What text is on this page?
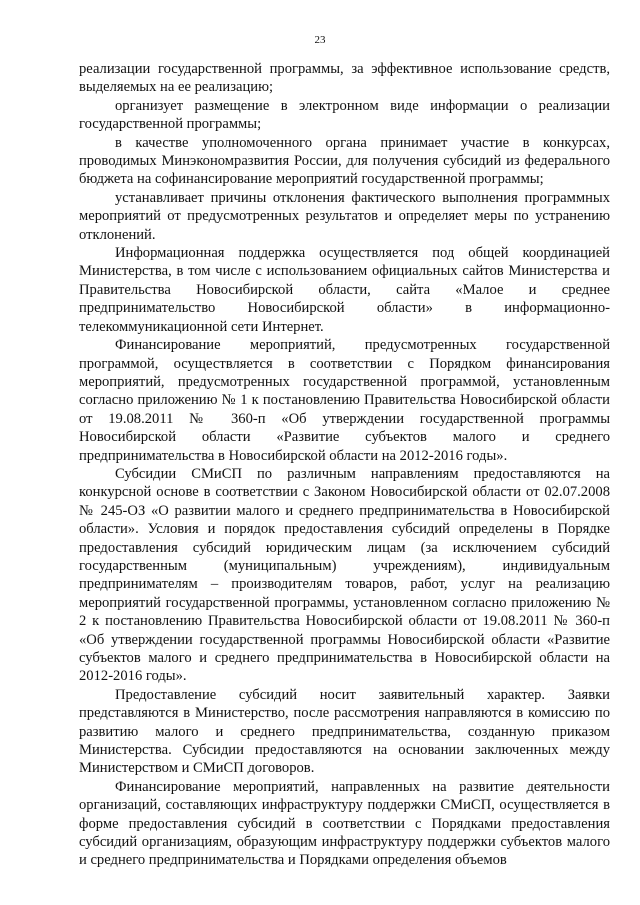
23

реализации государственной программы, за эффективное использование средств, выделяемых на ее реализацию;

организует размещение в электронном виде информации о реализации государственной программы;

в качестве уполномоченного органа принимает участие в конкурсах, проводимых Минэкономразвития России, для получения субсидий из федерального бюджета на софинансирование мероприятий государственной программы;

устанавливает причины отклонения фактического выполнения программных мероприятий от предусмотренных результатов и определяет меры по устранению отклонений.

Информационная поддержка осуществляется под общей координацией Министерства, в том числе с использованием официальных сайтов Министерства и Правительства Новосибирской области, сайта «Малое и среднее предпринимательство Новосибирской области» в информационно-телекоммуникационной сети Интернет.

Финансирование мероприятий, предусмотренных государственной программой, осуществляется в соответствии с Порядком финансирования мероприятий, предусмотренных государственной программой, установленным согласно приложению № 1 к постановлению Правительства Новосибирской области от 19.08.2011 № 360-п «Об утверждении государственной программы Новосибирской области «Развитие субъектов малого и среднего предпринимательства в Новосибирской области на 2012-2016 годы».

Субсидии СМиСП по различным направлениям предоставляются на конкурсной основе в соответствии с Законом Новосибирской области от 02.07.2008 № 245-ОЗ «О развитии малого и среднего предпринимательства в Новосибирской области». Условия и порядок предоставления субсидий определены в Порядке предоставления субсидий юридическим лицам (за исключением субсидий государственным (муниципальным) учреждениям), индивидуальным предпринимателям – производителям товаров, работ, услуг на реализацию мероприятий государственной программы, установленном согласно приложению № 2 к постановлению Правительства Новосибирской области от 19.08.2011 № 360-п «Об утверждении государственной программы Новосибирской области «Развитие субъектов малого и среднего предпринимательства в Новосибирской области на 2012-2016 годы».

Предоставление субсидий носит заявительный характер. Заявки представляются в Министерство, после рассмотрения направляются в комиссию по развитию малого и среднего предпринимательства, созданную приказом Министерства. Субсидии предоставляются на основании заключенных между Министерством и СМиСП договоров.

Финансирование мероприятий, направленных на развитие деятельности организаций, составляющих инфраструктуру поддержки СМиСП, осуществляется в форме предоставления субсидий в соответствии с Порядками предоставления субсидий организациям, образующим инфраструктуру поддержки субъектов малого и среднего предпринимательства и Порядками определения объемов
